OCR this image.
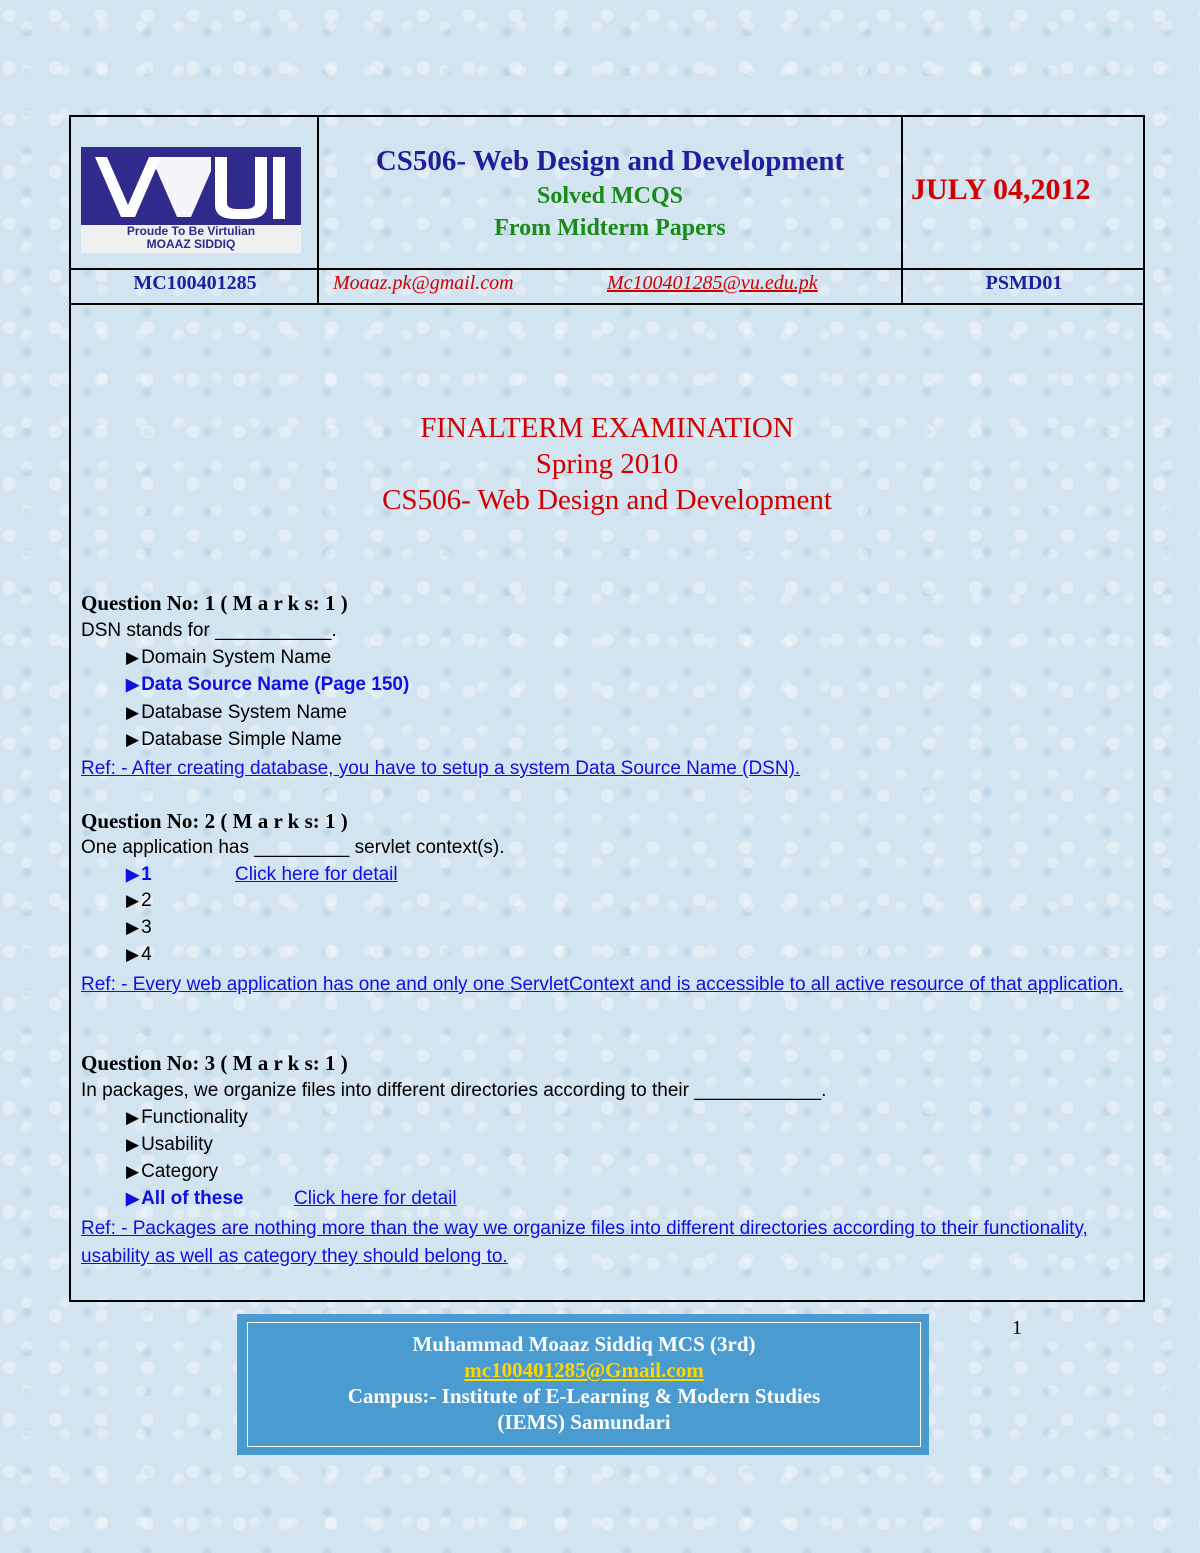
Proude To Be Virtulian
MOAAZ SIDDIQ
CS506- Web Design and Development
Solved MCQS
From Midterm Papers
JULY 04,2012
MC100401285	Moaaz.pk@gmail.com	Mc100401285@vu.edu.pk	PSMD01
FINALTERM EXAMINATION
Spring 2010
CS506- Web Design and Development
Question No: 1 ( M a r k s: 1 )
DSN stands for ___________.
▶ Domain System Name
▶ Data Source Name (Page 150)
▶ Database System Name
▶ Database Simple Name
Ref: - After creating database, you have to setup a system Data Source Name (DSN).
Question No: 2 ( M a r k s: 1 )
One application has _________ servlet context(s).
▶ 1	Click here for detail
▶ 2
▶ 3
▶ 4
Ref: - Every web application has one and only one ServletContext and is accessible to all active resource of that application.
Question No: 3 ( M a r k s: 1 )
In packages, we organize files into different directories according to their ____________.
▶ Functionality
▶ Usability
▶ Category
▶ All of these	Click here for detail
Ref: - Packages are nothing more than the way we organize files into different directories according to their functionality, usability as well as category they should belong to.
Muhammad Moaaz Siddiq MCS (3rd)
mc100401285@Gmail.com
Campus:- Institute of E-Learning & Modern Studies
(IEMS) Samundari
1
